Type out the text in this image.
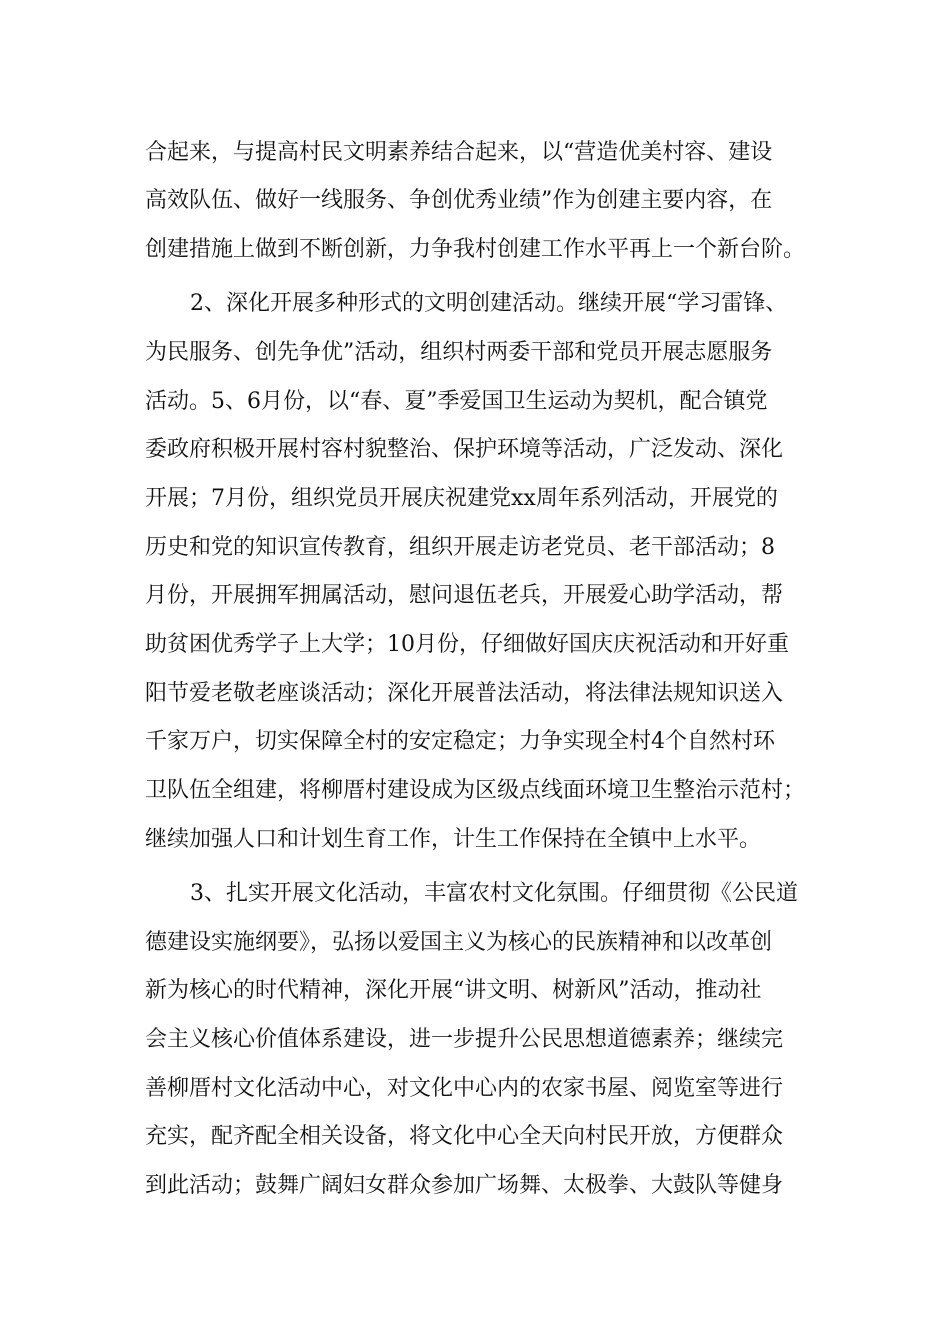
合起来，与提高村民文明素养结合起来，以“营造优美村容、建设

高效队伍、做好一线服务、争创优秀业绩”作为创建主要内容，在

创建措施上做到不断创新，力争我村创建工作水平再上一个新台阶。

2、深化开展多种形式的文明创建活动。继续开展“学习雷锋、

为民服务、创先争优”活动，组织村两委干部和党员开展志愿服务

活动。5、6月份，以“春、夏”季爱国卫生运动为契机，配合镇党

委政府积极开展村容村貌整治、保护环境等活动，广泛发动、深化

开展；7月份，组织党员开展庆祝建党xx周年系列活动，开展党的

历史和党的知识宣传教育，组织开展走访老党员、老干部活动；8

月份，开展拥军拥属活动，慰问退伍老兵，开展爱心助学活动，帮

助贫困优秀学子上大学；10月份，仔细做好国庆庆祝活动和开好重

阳节爱老敬老座谈活动；深化开展普法活动，将法律法规知识送入

千家万户，切实保障全村的安定稳定；力争实现全村4个自然村环

卫队伍全组建，将柳厝村建设成为区级点线面环境卫生整治示范村；

继续加强人口和计划生育工作，计生工作保持在全镇中上水平。

3、扎实开展文化活动，丰富农村文化氛围。仔细贯彻《公民道

德建设实施纲要》，弘扬以爱国主义为核心的民族精神和以改革创

新为核心的时代精神，深化开展“讲文明、树新风”活动，推动社

会主义核心价值体系建设，进一步提升公民思想道德素养；继续完

善柳厝村文化活动中心，对文化中心内的农家书屋、阅览室等进行

充实，配齐配全相关设备，将文化中心全天向村民开放，方便群众

到此活动；鼓舞广阔妇女群众参加广场舞、太极拳、大鼓队等健身
